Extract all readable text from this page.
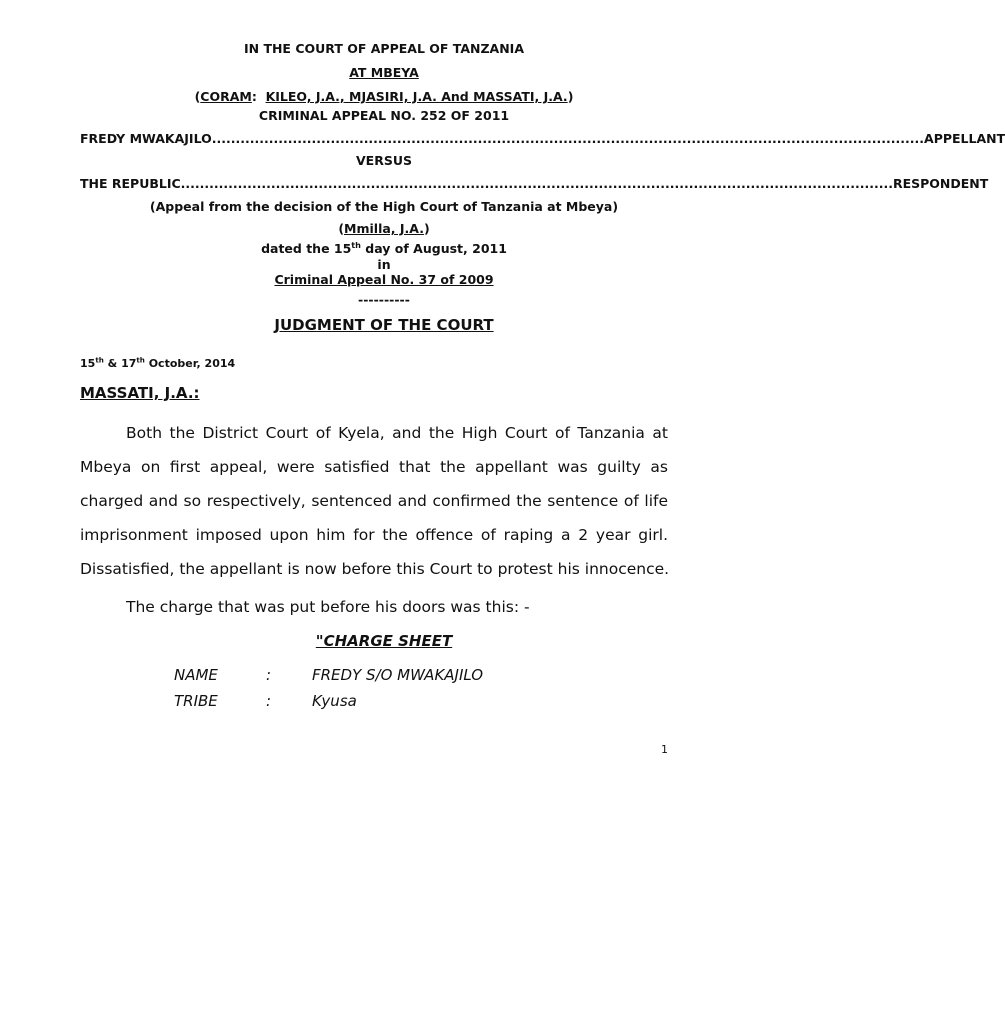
IN THE COURT OF APPEAL OF TANZANIA
AT MBEYA
(CORAM: KILEO, J.A., MJASIRI, J.A. And MASSATI, J.A.)
CRIMINAL APPEAL NO. 252 OF 2011
FREDY MWAKAJILO ...................................................................................................................................................... APPELLANT
VERSUS
THE REPUBLIC ...................................................................................................................................................... RESPONDENT
(Appeal from the decision of the High Court of Tanzania at Mbeya)
(Mmilla, J.A.)
dated the 15th day of August, 2011
in
Criminal Appeal No. 37 of 2009
----------
JUDGMENT OF THE COURT
15th & 17th October, 2014
MASSATI, J.A.:
Both the District Court of Kyela, and the High Court of Tanzania at
Mbeya on first appeal, were satisfied that the appellant was guilty as
charged and so respectively, sentenced and confirmed the sentence of life
imprisonment imposed upon him for the offence of raping a 2 year girl.
Dissatisfied, the appellant is now before this Court to protest his innocence.
The charge that was put before his doors was this: -
"CHARGE SHEET
NAME	:	FREDY S/O MWAKAJILO
TRIBE	:	Kyusa
1
